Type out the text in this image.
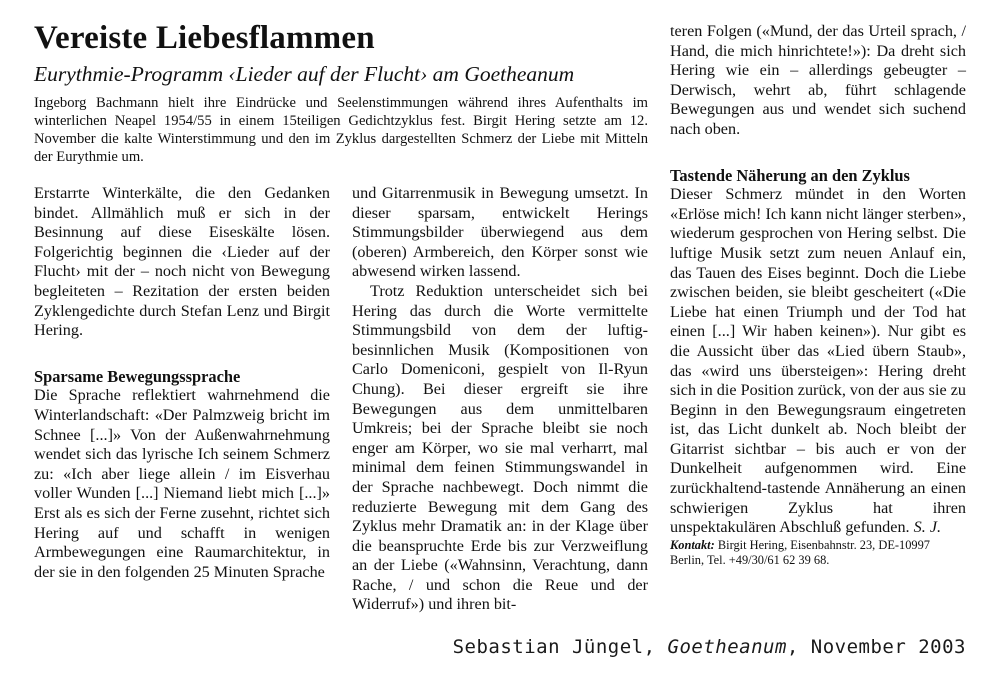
Vereiste Liebesflammen
Eurythmie-Programm ‹Lieder auf der Flucht› am Goetheanum
Ingeborg Bachmann hielt ihre Eindrücke und Seelenstimmungen während ihres Aufenthalts im winterlichen Neapel 1954/55 in einem 15teiligen Gedichtzyklus fest. Birgit Hering setzte am 12. November die kalte Winterstimmung und den im Zyklus dargestellten Schmerz der Liebe mit Mitteln der Eurythmie um.

Erstarrte Winterkälte, die den Gedanken bindet. Allmählich muß er sich in der Besinnung auf diese Eiseskälte lösen. Folgerichtig beginnen die ‹Lieder auf der Flucht› mit der – noch nicht von Bewegung begleiteten – Rezitation der ersten beiden Zyklengedichte durch Stefan Lenz und Birgit Hering.

Sparsame Bewegungssprache

Die Sprache reflektiert wahrnehmend die Winterlandschaft: «Der Palmzweig bricht im Schnee [...]» Von der Außenwahrnehmung wendet sich das lyrische Ich seinem Schmerz zu: «Ich aber liege allein / im Eisverhau voller Wunden [...] Niemand liebt mich [...]» Erst als es sich der Ferne zusehnt, richtet sich Hering auf und schafft in wenigen Armbewegungen eine Raumarchitektur, in der sie in den folgenden 25 Minuten Sprache

und Gitarrenmusik in Bewegung umsetzt. In dieser sparsam, entwickelt Herings Stimmungsbilder überwiegend aus dem (oberen) Armbereich, den Körper sonst wie abwesend wirken lassend.

Trotz Reduktion unterscheidet sich bei Hering das durch die Worte vermittelte Stimmungsbild von dem der luftig-besinnlichen Musik (Kompositionen von Carlo Domeniconi, gespielt von Il-Ryun Chung). Bei dieser ergreift sie ihre Bewegungen aus dem unmittelbaren Umkreis; bei der Sprache bleibt sie noch enger am Körper, wo sie mal verharrt, mal minimal dem feinen Stimmungswandel in der Sprache nachbewegt. Doch nimmt die reduzierte Bewegung mit dem Gang des Zyklus mehr Dramatik an: in der Klage über die beanspruchte Erde bis zur Verzweiflung an der Liebe («Wahnsinn, Verachtung, dann Rache, / und schon die Reue und der Widerruf») und ihren bit-

teren Folgen («Mund, der das Urteil sprach, / Hand, die mich hinrichtete!»): Da dreht sich Hering wie ein – allerdings gebeugter – Derwisch, wehrt ab, führt schlagende Bewegungen aus und wendet sich suchend nach oben.

Tastende Näherung an den Zyklus

Dieser Schmerz mündet in den Worten «Erlöse mich! Ich kann nicht länger sterben», wiederum gesprochen von Hering selbst. Die luftige Musik setzt zum neuen Anlauf ein, das Tauen des Eises beginnt. Doch die Liebe zwischen beiden, sie bleibt gescheitert («Die Liebe hat einen Triumph und der Tod hat einen [...] Wir haben keinen»). Nur gibt es die Aussicht über das «Lied übern Staub», das «wird uns übersteigen»: Hering dreht sich in die Position zurück, von der aus sie zu Beginn in den Bewegungsraum eingetreten ist, das Licht dunkelt ab. Noch bleibt der Gitarrist sichtbar – bis auch er von der Dunkelheit aufgenommen wird. Eine zurückhaltend-tastende Annäherung an einen schwierigen Zyklus hat ihren unspektakulären Abschluß gefunden. S. J.

Kontakt: Birgit Hering, Eisenbahnstr. 23, DE-10997 Berlin, Tel. +49/30/61 62 39 68.

Sebastian Jüngel, Goetheanum, November 2003
